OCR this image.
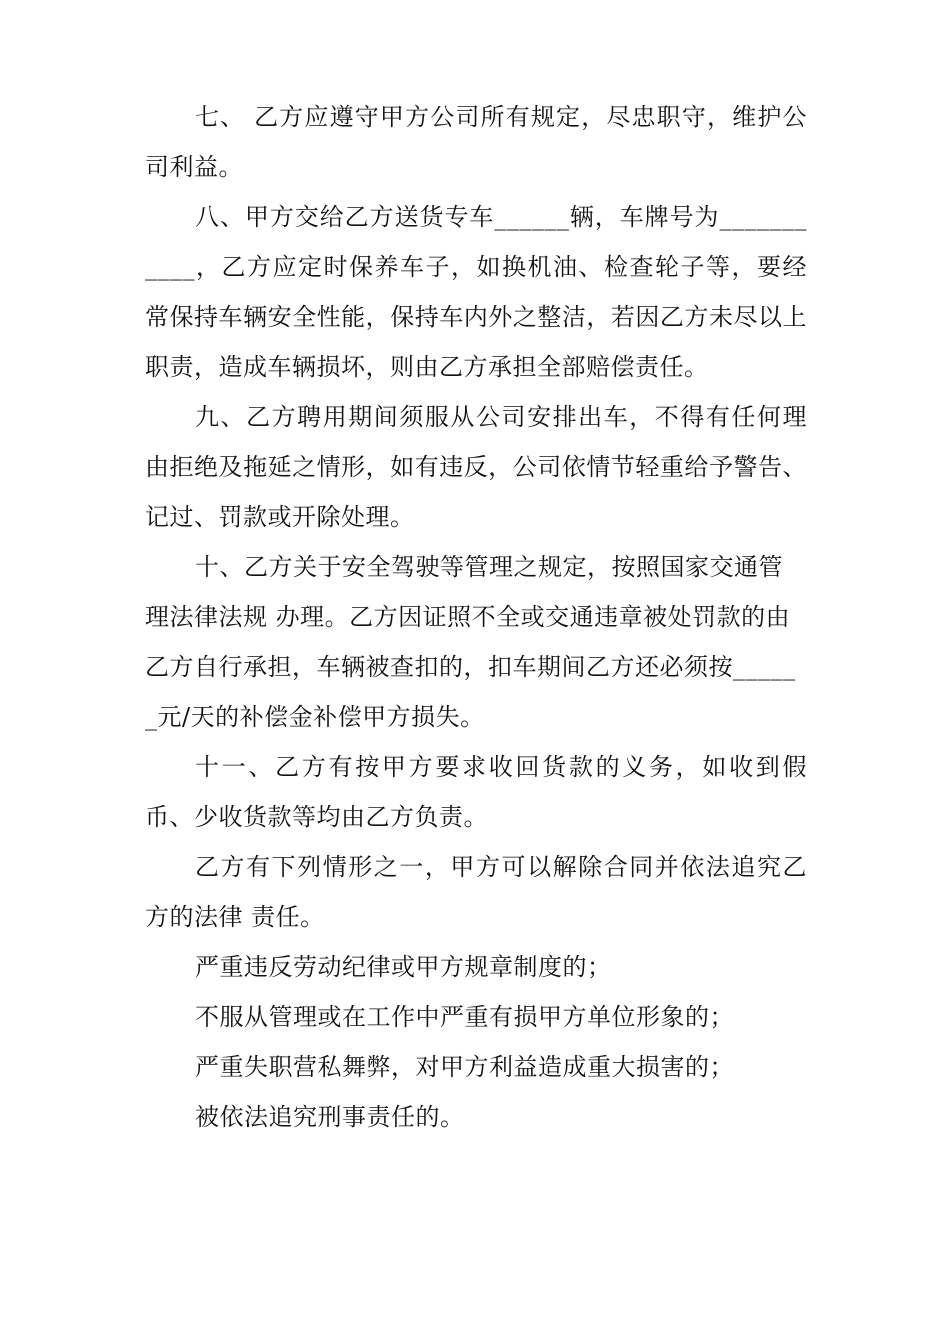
七、 乙方应遵守甲方公司所有规定，尽忠职守，维护公司利益。

八、甲方交给乙方送货专车______辆，车牌号为___________，乙方应定时保养车子，如换机油、检查轮子等，要经常保持车辆安全性能，保持车内外之整洁，若因乙方未尽以上职责，造成车辆损坏，则由乙方承担全部赔偿责任。

九、乙方聘用期间须服从公司安排出车，不得有任何理由拒绝及拖延之情形，如有违反，公司依情节轻重给予警告、记过、罚款或开除处理。

十、乙方关于安全驾驶等管理之规定，按照国家交通管理法律法规 办理。乙方因证照不全或交通违章被处罚款的由乙方自行承担，车辆被查扣的，扣车期间乙方还必须按______元/天的补偿金补偿甲方损失。

十一、乙方有按甲方要求收回货款的义务，如收到假币、少收货款等均由乙方负责。

乙方有下列情形之一，甲方可以解除合同并依法追究乙方的法律 责任。

严重违反劳动纪律或甲方规章制度的；

不服从管理或在工作中严重有损甲方单位形象的；

严重失职营私舞弊，对甲方利益造成重大损害的；

被依法追究刑事责任的。
